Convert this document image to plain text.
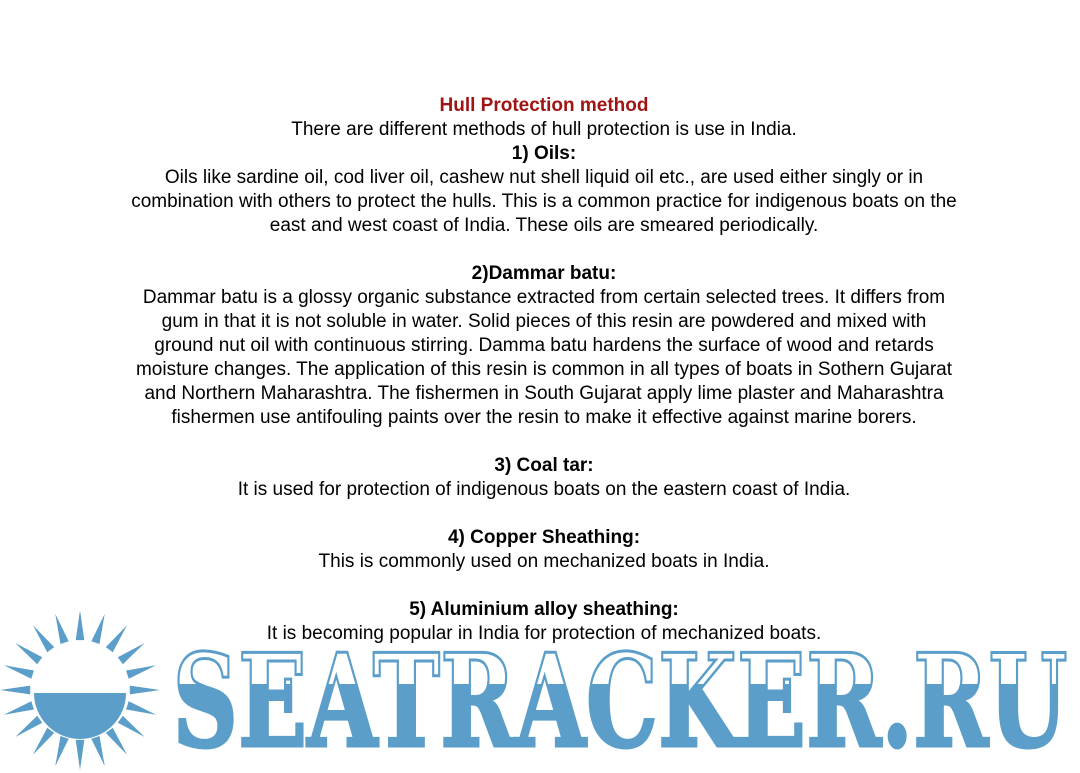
Hull Protection method
There are different methods of hull protection is use in India.
1) Oils:
Oils like sardine oil, cod liver oil, cashew nut shell liquid oil etc., are used either singly or in
combination with others to protect the hulls. This is a common practice for indigenous boats on the
east and west coast of India. These oils are smeared periodically.
2)Dammar batu:
Dammar batu is a glossy organic substance extracted from certain selected trees. It differs from
gum in that it is not soluble in water. Solid pieces of this resin are powdered and mixed with
ground nut oil with continuous stirring. Damma batu hardens the surface of wood and retards
moisture changes. The application of this resin is common in all types of boats in Sothern Gujarat
and Northern Maharashtra. The fishermen in South Gujarat apply lime plaster and Maharashtra
fishermen use antifouling paints over the resin to make it effective against marine borers.
3) Coal tar:
It is used for protection of indigenous boats on the eastern coast of India.
4) Copper Sheathing:
This is commonly used on mechanized boats in India.
5) Aluminium alloy sheathing:
It is becoming popular in India for protection of mechanized boats.
SEATRACKER.RU
